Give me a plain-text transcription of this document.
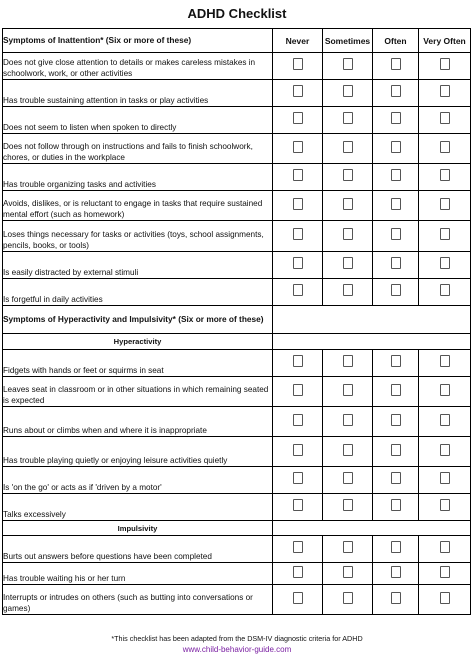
ADHD Checklist
Symptoms of Inattention* (Six or more of these)	Never	Sometimes	Often	Very Often
Does not give close attention to details or makes careless mistakes in schoolwork, work, or other activities				
Has trouble sustaining attention in tasks or play activities				
Does not seem to listen when spoken to directly				
Does not follow through on instructions and fails to finish schoolwork, chores, or duties in the workplace				
Has trouble organizing tasks and activities				
Avoids, dislikes, or is reluctant to engage in tasks that require sustained mental effort (such as homework)				
Loses things necessary for tasks or activities (toys, school assignments, pencils, books, or tools)				
Is easily distracted by external stimuli				
Is forgetful in daily activities				
Symptoms of Hyperactivity and Impulsivity* (Six or more of these)				
Hyperactivity				
Fidgets with hands or feet or squirms in seat				
Leaves seat in classroom or in other situations in which remaining seated is expected				
Runs about or climbs when and where it is inappropriate				
Has trouble playing quietly or enjoying leisure activities quietly				
Is 'on the go' or acts as if 'driven by a motor'				
Talks excessively				
Impulsivity				
Burts out answers before questions have been completed				
Has trouble waiting his or her turn				
Interrupts or intrudes on others (such as butting into conversations or games)				
*This checklist has been adapted from the DSM-IV diagnostic criteria for ADHD
www.child-behavior-guide.com
